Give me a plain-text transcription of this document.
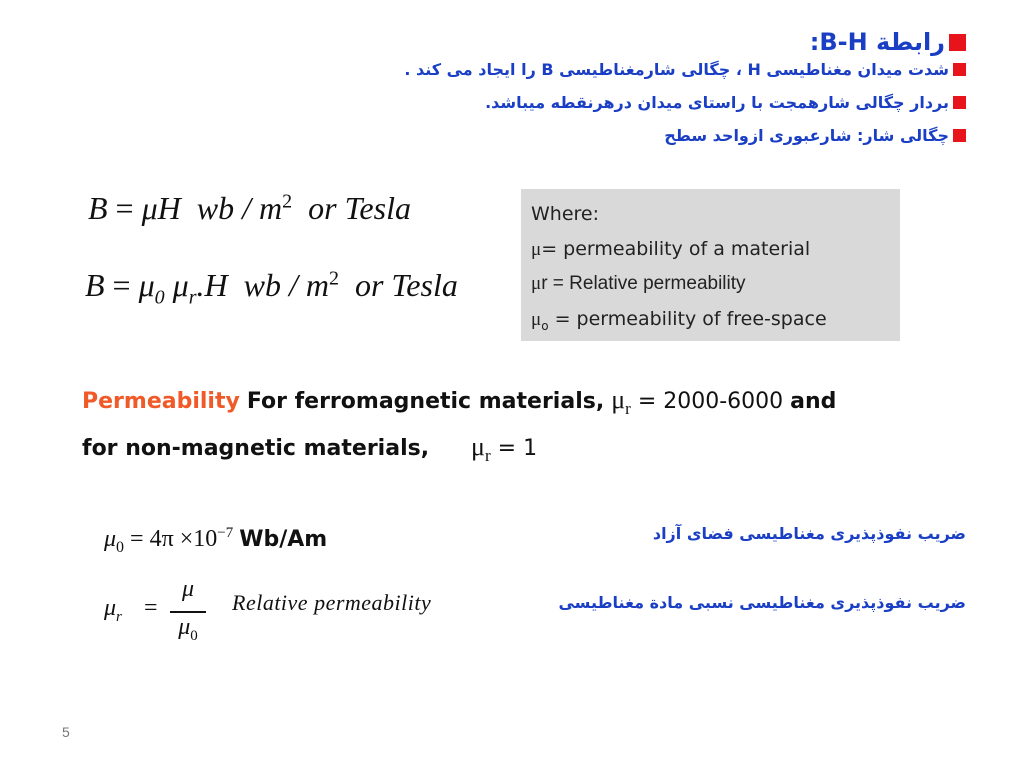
رابطة B-H:
شدت میدان مغناطیسی H ، چگالی شارمغناطیسی B را ایجاد می کند .
بردار چگالی شارهمجت با راستای میدان درهرنقطه میباشد.
چگالی شار: شارعبوری ازواحد سطح
B = μH  wb / $m^2$ or Tesla
$B = \mu_0$ $\mu_r.H$  wb / $m^2$ or Tesla
Where:
μ= permeability of a material
μr = Relative permeability
$\mu_o$ = permeability of free-space
Permeability For ferromagnetic materials, $\mu_r = 2000-6000$ and
for non-magnetic materials, $\mu_r = 1$
$\mu_0 = 4\pi \times 10^{-7}$ Wb/Am
$\mu_r$ =
μ
$\mu_0$
Relative permeability
ضریب نفوذپذیری مغناطیسی فضای آزاد
ضریب نفوذپذیری مغناطیسی نسبی مادة مغناطیسی
5
